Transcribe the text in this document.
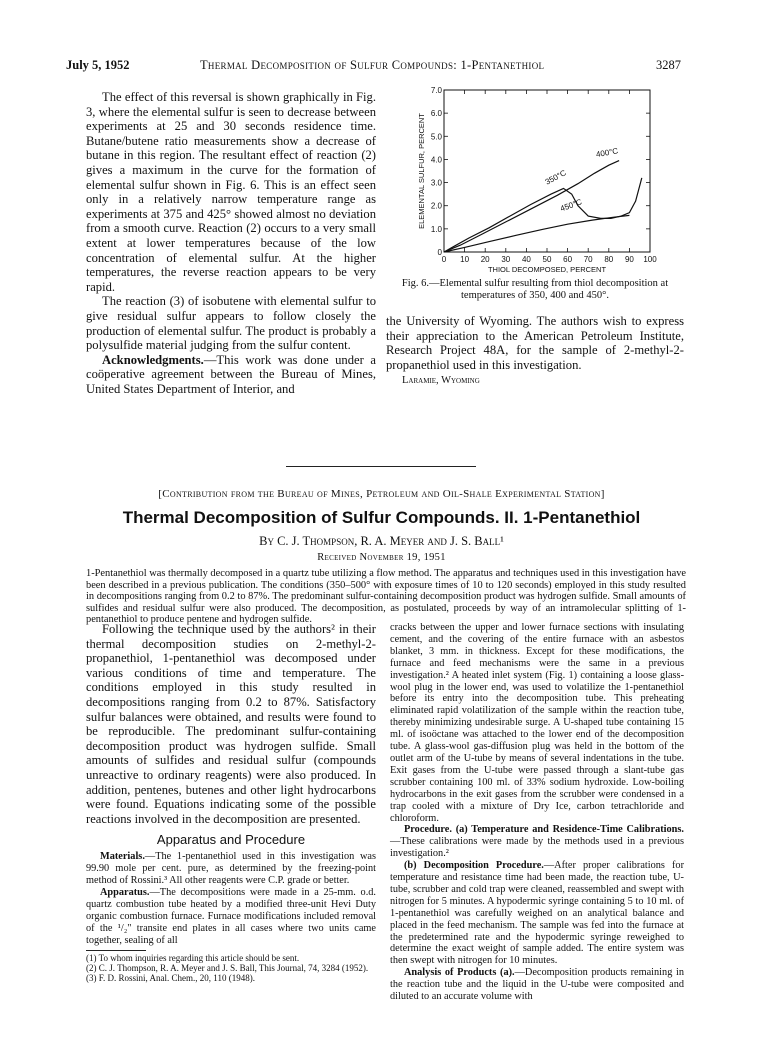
July 5, 1952	Thermal Decomposition of Sulfur Compounds: 1-Pentanethiol	3287

The effect of this reversal is shown graphically in Fig. 3, where the elemental sulfur is seen to decrease between experiments at 25 and 30 seconds residence time. Butane/butene ratio measurements show a decrease of butane in this region. The resultant effect of reaction (2) gives a maximum in the curve for the formation of elemental sulfur shown in Fig. 6. This is an effect seen only in a relatively narrow temperature range as experiments at 375 and 425° showed almost no deviation from a smooth curve. Reaction (2) occurs to a very small extent at lower temperatures because of the low concentration of elemental sulfur. At the higher temperatures, the reverse reaction appears to be very rapid.

The reaction (3) of isobutene with elemental sulfur to give residual sulfur appears to follow closely the production of elemental sulfur. The product is probably a polysulfide material judging from the sulfur content.

Acknowledgments.—This work was done under a coöperative agreement between the Bureau of Mines, United States Department of Interior, and

0 10 20 30 40 50 60 70 80 90 100
1.0
2.0
3.0
4.0
5.0
6.0
7.0
0
THIOL DECOMPOSED, PERCENT
ELEMENTAL SULFUR, PERCENT	400°C
350°C
450°C
Fig. 6.—Elemental sulfur resulting from thiol decomposition at temperatures of 350, 400 and 450°.

the University of Wyoming. The authors wish to express their appreciation to the American Petroleum Institute, Research Project 48A, for the sample of 2-methyl-2-propanethiol used in this investigation.

Laramie, Wyoming

[Contribution from the Bureau of Mines, Petroleum and Oil-Shale Experimental Station]
Thermal Decomposition of Sulfur Compounds. II. 1-Pentanethiol
By C. J. Thompson, R. A. Meyer and J. S. Ball¹
Received November 19, 1951
1-Pentanethiol was thermally decomposed in a quartz tube utilizing a flow method. The apparatus and techniques used in this investigation have been described in a previous publication. The conditions (350–500° with exposure times of 10 to 120 seconds) employed in this study resulted in decompositions ranging from 0.2 to 87%. The predominant sulfur-containing decomposition product was hydrogen sulfide. Small amounts of sulfides and residual sulfur were also produced. The decomposition, as postulated, proceeds by way of an intramolecular splitting of 1-pentanethiol to produce pentene and hydrogen sulfide.

Following the technique used by the authors² in their thermal decomposition studies on 2-methyl-2-propanethiol, 1-pentanethiol was decomposed under various conditions of time and temperature. The conditions employed in this study resulted in decompositions ranging from 0.2 to 87%. Satisfactory sulfur balances were obtained, and results were found to be reproducible. The predominant sulfur-containing decomposition product was hydrogen sulfide. Small amounts of sulfides and residual sulfur (compounds unreactive to ordinary reagents) were also produced. In addition, pentenes, butenes and other light hydrocarbons were found. Equations indicating some of the possible reactions involved in the decomposition are presented.

Apparatus and Procedure

Materials.—The 1-pentanethiol used in this investigation was 99.90 mole per cent. pure, as determined by the freezing-point method of Rossini.³ All other reagents were C.P. grade or better.

Apparatus.—The decompositions were made in a 25-mm. o.d. quartz combustion tube heated by a modified three-unit Hevi Duty organic combustion furnace. Furnace modifications included removal of the ¹/₂" transite end plates in all cases where two units came together, sealing of all

(1) To whom inquiries regarding this article should be sent.
(2) C. J. Thompson, R. A. Meyer and J. S. Ball, This Journal, 74, 3284 (1952).
(3) F. D. Rossini, Anal. Chem., 20, 110 (1948).

cracks between the upper and lower furnace sections with insulating cement, and the covering of the entire furnace with an asbestos blanket, 3 mm. in thickness. Except for these modifications, the furnace and feed mechanisms were the same in a previous investigation.² A heated inlet system (Fig. 1) containing a loose glass-wool plug in the lower end, was used to volatilize the 1-pentanethiol before its entry into the decomposition tube. This preheating eliminated rapid volatilization of the sample within the reaction tube, thereby minimizing undesirable surge. A U-shaped tube containing 15 ml. of isoöctane was attached to the lower end of the decomposition tube. A glass-wool gas-diffusion plug was held in the bottom of the outlet arm of the U-tube by means of several indentations in the tube. Exit gases from the U-tube were passed through a slant-tube gas scrubber containing 100 ml. of 33% sodium hydroxide. Low-boiling hydrocarbons in the exit gases from the scrubber were condensed in a trap cooled with a mixture of Dry Ice, carbon tetrachloride and chloroform.

Procedure. (a) Temperature and Residence-Time Calibrations.—These calibrations were made by the methods used in a previous investigation.²

(b) Decomposition Procedure.—After proper calibrations for temperature and resistance time had been made, the reaction tube, U-tube, scrubber and cold trap were cleaned, reassembled and swept with nitrogen for 5 minutes. A hypodermic syringe containing 5 to 10 ml. of 1-pentanethiol was carefully weighed on an analytical balance and placed in the feed mechanism. The sample was fed into the furnace at the predetermined rate and the hypodermic syringe reweighed to determine the exact weight of sample added. The entire system was then swept with nitrogen for 10 minutes.

Analysis of Products (a).—Decomposition products remaining in the reaction tube and the liquid in the U-tube were composited and diluted to an accurate volume with
